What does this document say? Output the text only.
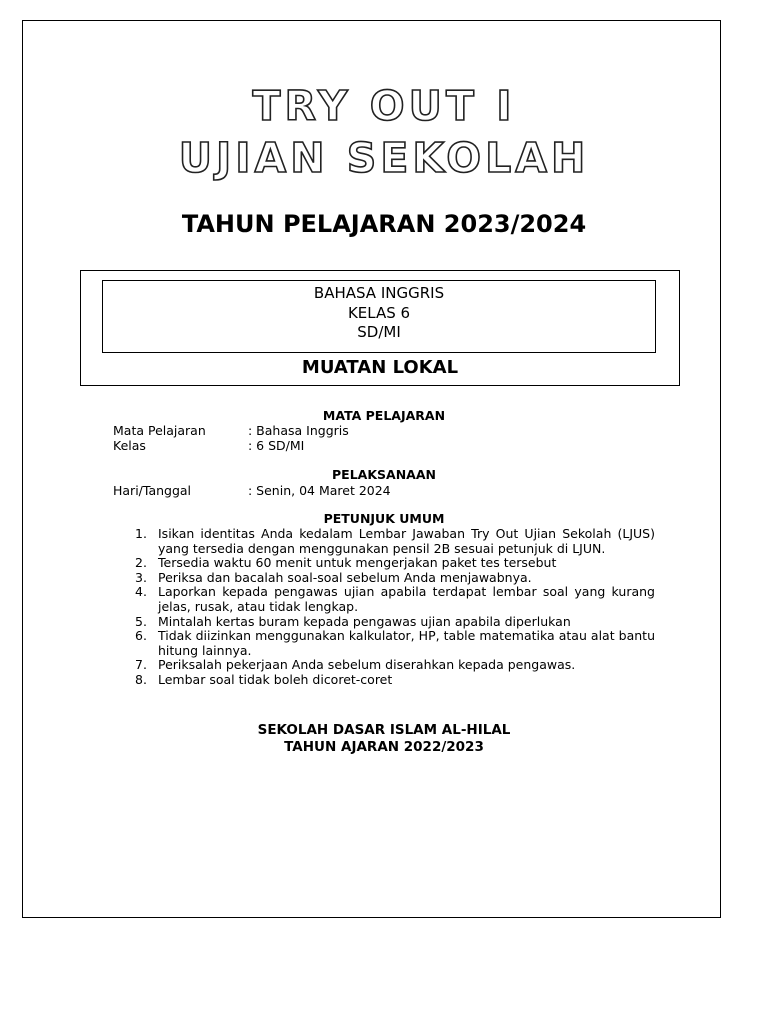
TRY OUT I
UJIAN SEKOLAH
TAHUN PELAJARAN 2023/2024
BAHASA INGGRIS
KELAS 6
SD/MI
MUATAN LOKAL
MATA PELAJARAN
Mata Pelajaran	: Bahasa Inggris
Kelas	: 6 SD/MI
PELAKSANAAN
Hari/Tanggal	: Senin, 04 Maret 2024
PETUNJUK UMUM
1. Isikan identitas Anda kedalam Lembar Jawaban Try Out Ujian Sekolah (LJUS) yang tersedia dengan menggunakan pensil 2B sesuai petunjuk di LJUN.
2. Tersedia waktu 60 menit untuk mengerjakan paket tes tersebut
3. Periksa dan bacalah soal-soal sebelum Anda menjawabnya.
4. Laporkan kepada pengawas ujian apabila terdapat lembar soal yang kurang jelas, rusak, atau tidak lengkap.
5. Mintalah kertas buram kepada pengawas ujian apabila diperlukan
6. Tidak diizinkan menggunakan kalkulator, HP, table matematika atau alat bantu hitung lainnya.
7. Periksalah pekerjaan Anda sebelum diserahkan kepada pengawas.
8. Lembar soal tidak boleh dicoret-coret
SEKOLAH DASAR ISLAM AL-HILAL
TAHUN AJARAN 2022/2023
